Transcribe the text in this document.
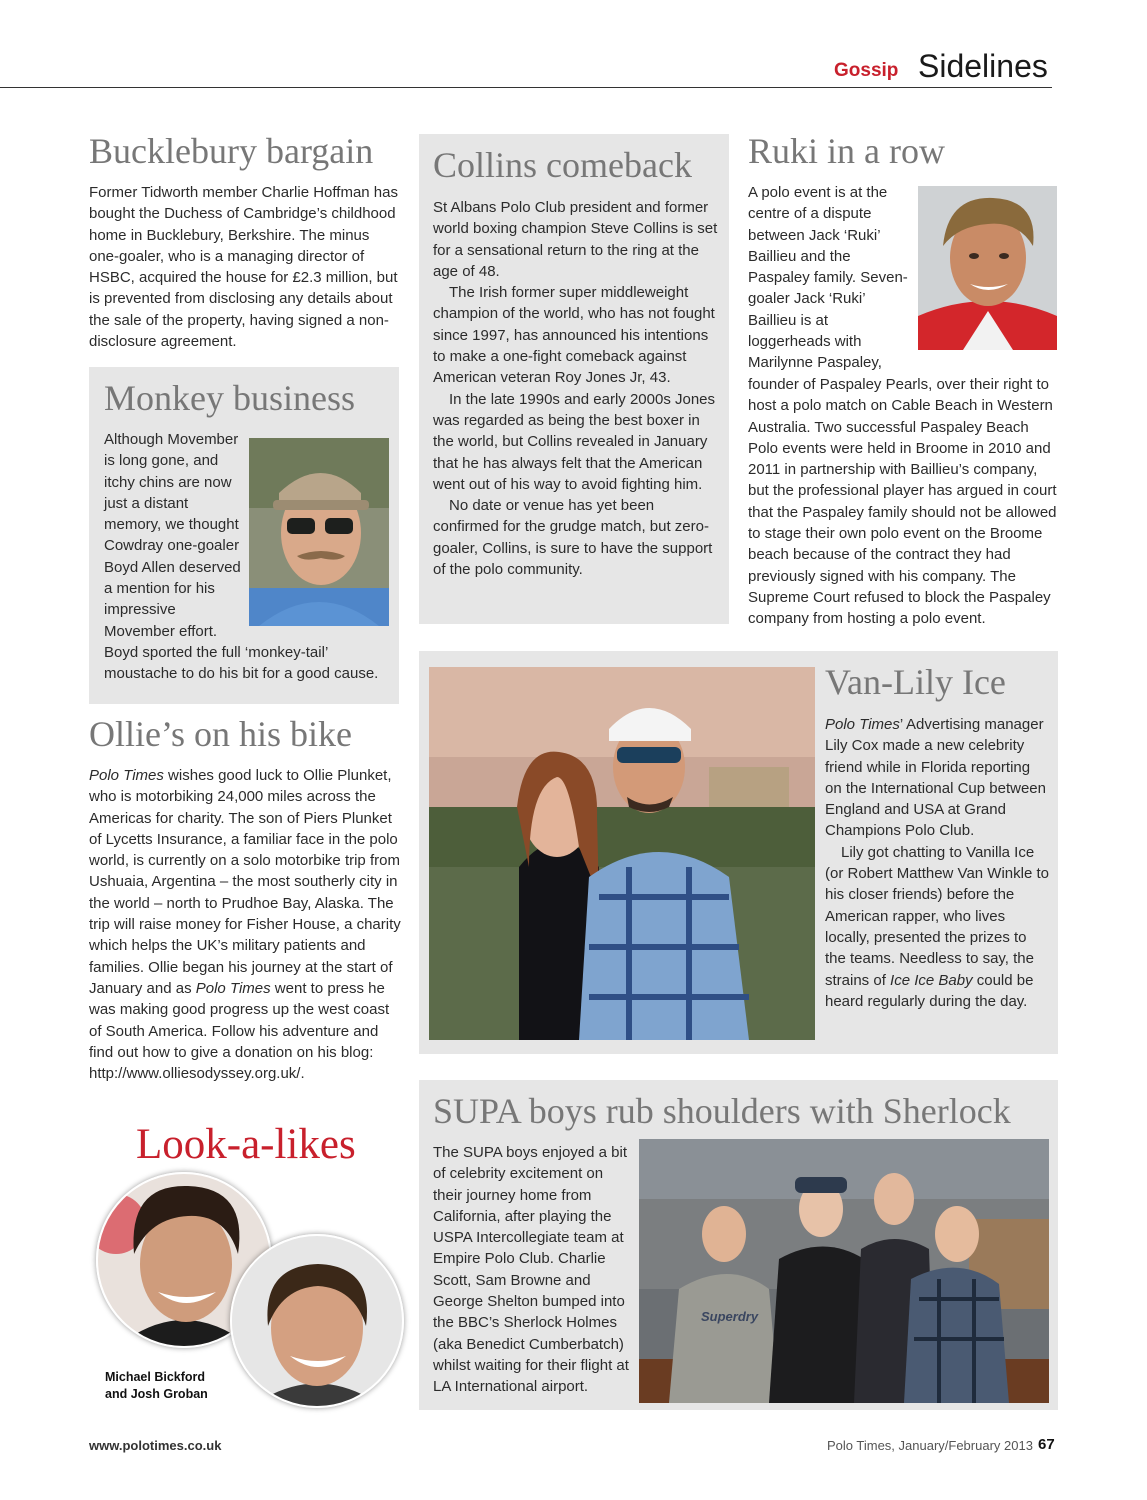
Gossip Sidelines
Bucklebury bargain
Former Tidworth member Charlie Hoffman has bought the Duchess of Cambridge’s childhood home in Bucklebury, Berkshire. The minus one-goaler, who is a managing director of HSBC, acquired the house for £2.3 million, but is prevented from disclosing any details about the sale of the property, having signed a non-disclosure agreement.
Monkey business
Although Movember is long gone, and itchy chins are now just a distant memory, we thought Cowdray one-goaler Boyd Allen deserved a mention for his impressive Movember effort.
Boyd sported the full ‘monkey-tail’ moustache to do his bit for a good cause.
Ollie’s on his bike
Polo Times wishes good luck to Ollie Plunket, who is motorbiking 24,000 miles across the Americas for charity. The son of Piers Plunket of Lycetts Insurance, a familiar face in the polo world, is currently on a solo motorbike trip from Ushuaia, Argentina – the most southerly city in the world – north to Prudhoe Bay, Alaska. The trip will raise money for Fisher House, a charity which helps the UK’s military patients and families. Ollie began his journey at the start of January and as Polo Times went to press he was making good progress up the west coast of South America. Follow his adventure and find out how to give a donation on his blog: http://www.olliesodyssey.org.uk/.
Collins comeback

St Albans Polo Club president and former world boxing champion Steve Collins is set for a sensational return to the ring at the age of 48.

The Irish former super middleweight champion of the world, who has not fought since 1997, has announced his intentions to make a one-fight comeback against American veteran Roy Jones Jr, 43.

In the late 1990s and early 2000s Jones was regarded as being the best boxer in the world, but Collins revealed in January that he has always felt that the American went out of his way to avoid fighting him.

No date or venue has yet been confirmed for the grudge match, but zero-goaler, Collins, is sure to have the support of the polo community.

Ruki in a row
A polo event is at the centre of a dispute between Jack ‘Ruki’ Baillieu and the Paspaley family. Seven-goaler Jack ‘Ruki’ Baillieu is at loggerheads with Marilynne Paspaley,
founder of Paspaley Pearls, over their right to host a polo match on Cable Beach in Western Australia. Two successful Paspaley Beach Polo events were held in Broome in 2010 and 2011 in partnership with Baillieu’s company, but the professional player has argued in court that the Paspaley family should not be allowed to stage their own polo event on the Broome beach because of the contract they had previously signed with his company. The Supreme Court refused to block the Paspaley company from hosting a polo event.
Van-Lily Ice

Polo Times’ Advertising manager Lily Cox made a new celebrity friend while in Florida reporting on the International Cup between England and USA at Grand Champions Polo Club.

Lily got chatting to Vanilla Ice (or Robert Matthew Van Winkle to his closer friends) before the American rapper, who lives locally, presented the prizes to the teams. Needless to say, the strains of Ice Ice Baby could be heard regularly during the day.

Look-a-likes
Michael Bickford
and Josh Groban
SUPA boys rub shoulders with Sherlock
The SUPA boys enjoyed a bit of celebrity excitement on their journey home from California, after playing the USPA Intercollegiate team at Empire Polo Club. Charlie Scott, Sam Browne and George Shelton bumped into the BBC’s Sherlock Holmes (aka Benedict Cumberbatch) whilst waiting for their flight at LA International airport.
Superdry
www.polotimes.co.uk	Polo Times, January/February 2013 67
